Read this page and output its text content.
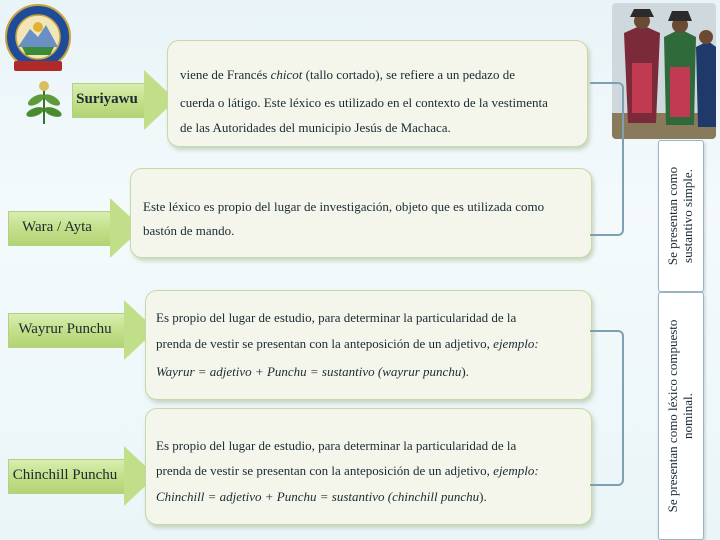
Suriyawu

viene de Francés chicot (tallo cortado), se refiere a un pedazo de

cuerda o látigo. Este léxico es utilizado en el contexto de la vestimenta

de las Autoridades del municipio Jesús de Machaca.

Wara / Ayta

Este léxico es propio del lugar de investigación, objeto que es utilizada como

bastón de mando.

Wayrur Punchu

Es propio del lugar de estudio, para determinar la particularidad de la

prenda de vestir se presentan con la anteposición de un adjetivo, ejemplo:

Wayrur = adjetivo + Punchu = sustantivo (wayrur punchu).

Chinchill Punchu

Es propio del lugar de estudio, para determinar la particularidad de la

prenda de vestir se presentan con la anteposición de un adjetivo, ejemplo:

Chinchill = adjetivo + Punchu = sustantivo (chinchill punchu).

Se presentan como sustantivo simple.
Se presentan como léxico compuesto nominal.
